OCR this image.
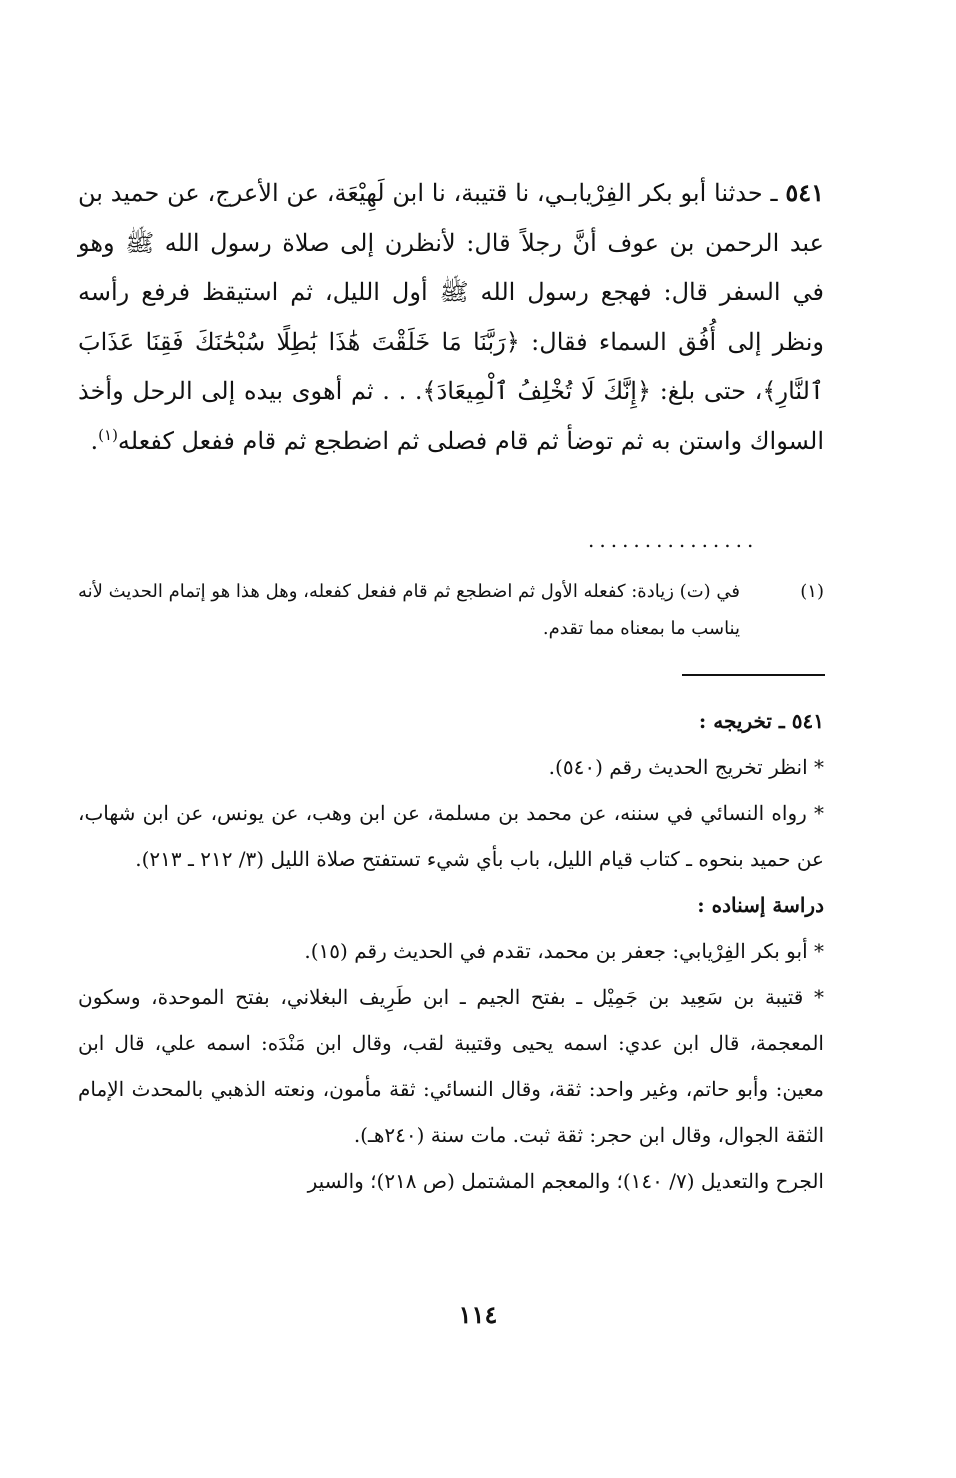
٥٤١ ـ حدثنا أبو بكر الفِرْيابـي، نا قتيبة، نا ابن لَهِيْعَة، عن الأعرج، عن حميد بن عبد الرحمن بن عوف أنَّ رجلاً قال: لأنظرن إلى صلاة رسول الله ﷺ وهو في السفر قال: فهجع رسول الله ﷺ أول الليل، ثم استيقظ فرفع رأسه ونظر إلى أُفُق السماء فقال: ﴿رَبَّنَا مَا خَلَقْتَ هَٰذَا بَٰطِلًا سُبْحَٰنَكَ فَقِنَا عَذَابَ ٱلنَّارِ﴾، حتى بلغ: ﴿إِنَّكَ لَا تُخْلِفُ ٱلْمِيعَادَ﴾. . . ثم أهوى بيده إلى الرحل وأخذ السواك واستن به ثم توضأ ثم قام فصلى ثم اضطجع ثم قام ففعل كفعله$^{(١)}$.

...............
(١)
في (ت) زيادة: كفعله الأول ثم اضطجع ثم قام ففعل كفعله، وهل هذا هو إتمام الحديث لأنه يناسب ما بمعناه مما تقدم.

٥٤١ ـ تخريجه :

* انظر تخريج الحديث رقم (٥٤٠).

* رواه النسائي في سننه، عن محمد بن مسلمة، عن ابن وهب، عن يونس، عن ابن شهاب، عن حميد بنحوه ـ كتاب قيام الليل، باب بأي شيء تستفتح صلاة الليل (٣/ ٢١٢ ـ ٢١٣).

دراسة إسناده :

* أبو بكر الفِرْيابي: جعفر بن محمد، تقدم في الحديث رقم (١٥).

* قتيبة بن سَعِيد بن جَمِيْل ـ بفتح الجيم ـ ابن طَرِيف البغلاني، بفتح الموحدة، وسكون المعجمة، قال ابن عدي: اسمه يحيى وقتيبة لقب، وقال ابن مَنْدَه: اسمه علي، قال ابن معين: وأبو حاتم، وغير واحد: ثقة، وقال النسائي: ثقة مأمون، ونعته الذهبي بالمحدث الإمام الثقة الجوال، وقال ابن حجر: ثقة ثبت. مات سنة (٢٤٠هـ).

الجرح والتعديل (٧/ ١٤٠)؛ والمعجم المشتمل (ص ٢١٨)؛ والسير

١١٤
